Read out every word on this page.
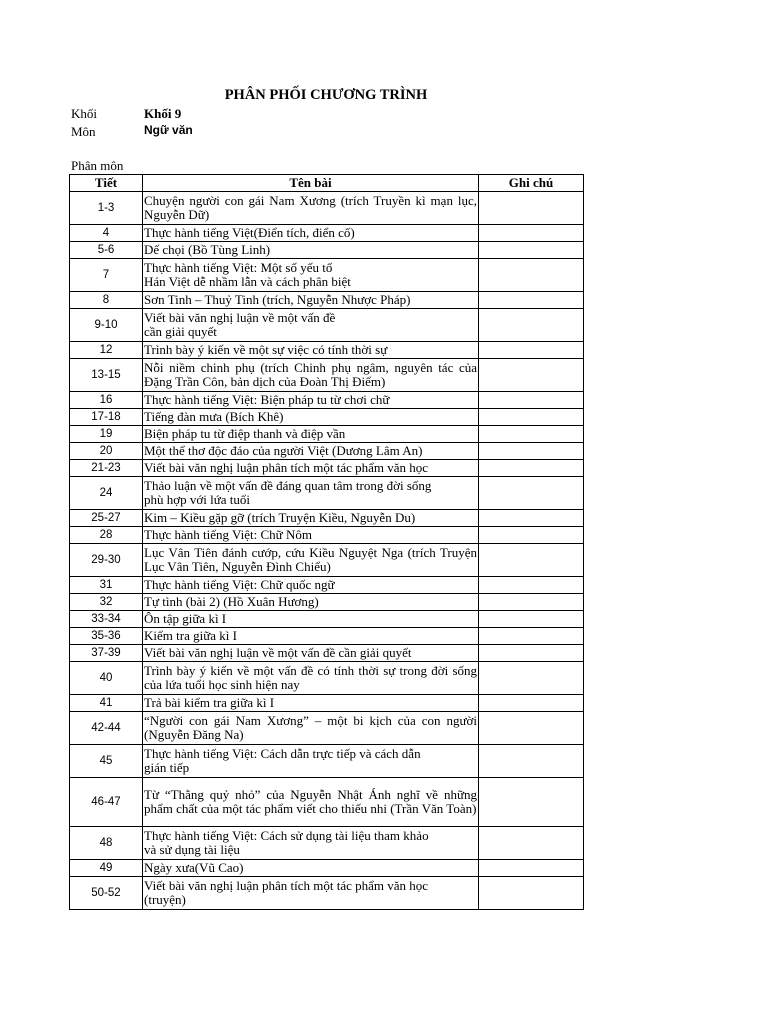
PHÂN PHỐI CHƯƠNG TRÌNH
Khối	Khối 9
Môn	Ngữ văn
Phân môn
Tiết	Tên bài	Ghi chú
1-3	Chuyện người con gái Nam Xương (trích Truyền kì mạn lục, Nguyễn Dữ)	
4	Thực hành tiếng Việt(Điển tích, điển cố)	
5-6	Dế chọi (Bồ Tùng Linh)	
7	Thực hành tiếng Việt: Một số yếu tố
Hán Việt dễ nhầm lẫn và cách phân biệt	
8	Sơn Tinh – Thuỷ Tinh (trích, Nguyễn Nhược Pháp)	
9-10	Viết bài văn nghị luận về một vấn đề
cần giải quyết	
12	Trình bày ý kiến về một sự việc có tính thời sự	
13-15	Nỗi niềm chinh phụ (trích Chinh phụ ngâm, nguyên tác của Đặng Trần Côn, bản dịch của Đoàn Thị Điểm)	
16	Thực hành tiếng Việt: Biện pháp tu từ chơi chữ	
17-18	Tiếng đàn mưa (Bích Khê)	
19	Biện pháp tu từ điệp thanh và điệp vần	
20	Một thể thơ độc đáo của người Việt (Dương Lâm An)	
21-23	Viết bài văn nghị luận phân tích một tác phẩm văn học	
24	Thảo luận về một vấn đề đáng quan tâm trong đời sống
phù hợp với lứa tuổi	
25-27	Kim – Kiều gặp gỡ (trích Truyện Kiều, Nguyễn Du)	
28	Thực hành tiếng Việt: Chữ Nôm	
29-30	Lục Vân Tiên đánh cướp, cứu Kiều Nguyệt Nga (trích Truyện Lục Vân Tiên, Nguyễn Đình Chiểu)	
31	Thực hành tiếng Việt: Chữ quốc ngữ	
32	Tự tình (bài 2) (Hồ Xuân Hương)	
33-34	Ôn tập giữa kì I	
35-36	Kiểm tra giữa kì I	
37-39	Viết bài văn nghị luận về một vấn đề cần giải quyết	
40	Trình bày ý kiến về một vấn đề có tính thời sự trong đời sống của lứa tuổi học sinh hiện nay	
41	Trả bài kiểm tra giữa kì I	
42-44	“Người con gái Nam Xương” – một bi kịch của con người (Nguyễn Đăng Na)	
45	Thực hành tiếng Việt: Cách dẫn trực tiếp và cách dẫn
gián tiếp	
46-47	Từ “Thằng quỷ nhỏ” của Nguyễn Nhật Ánh nghĩ về những phẩm chất của một tác phẩm viết cho thiếu nhi (Trần Văn Toàn)	
48	Thực hành tiếng Việt: Cách sử dụng tài liệu tham khảo
và sử dụng tài liệu	
49	Ngày xưa(Vũ Cao)	
50-52	Viết bài văn nghị luận phân tích một tác phẩm văn học
(truyện)	
